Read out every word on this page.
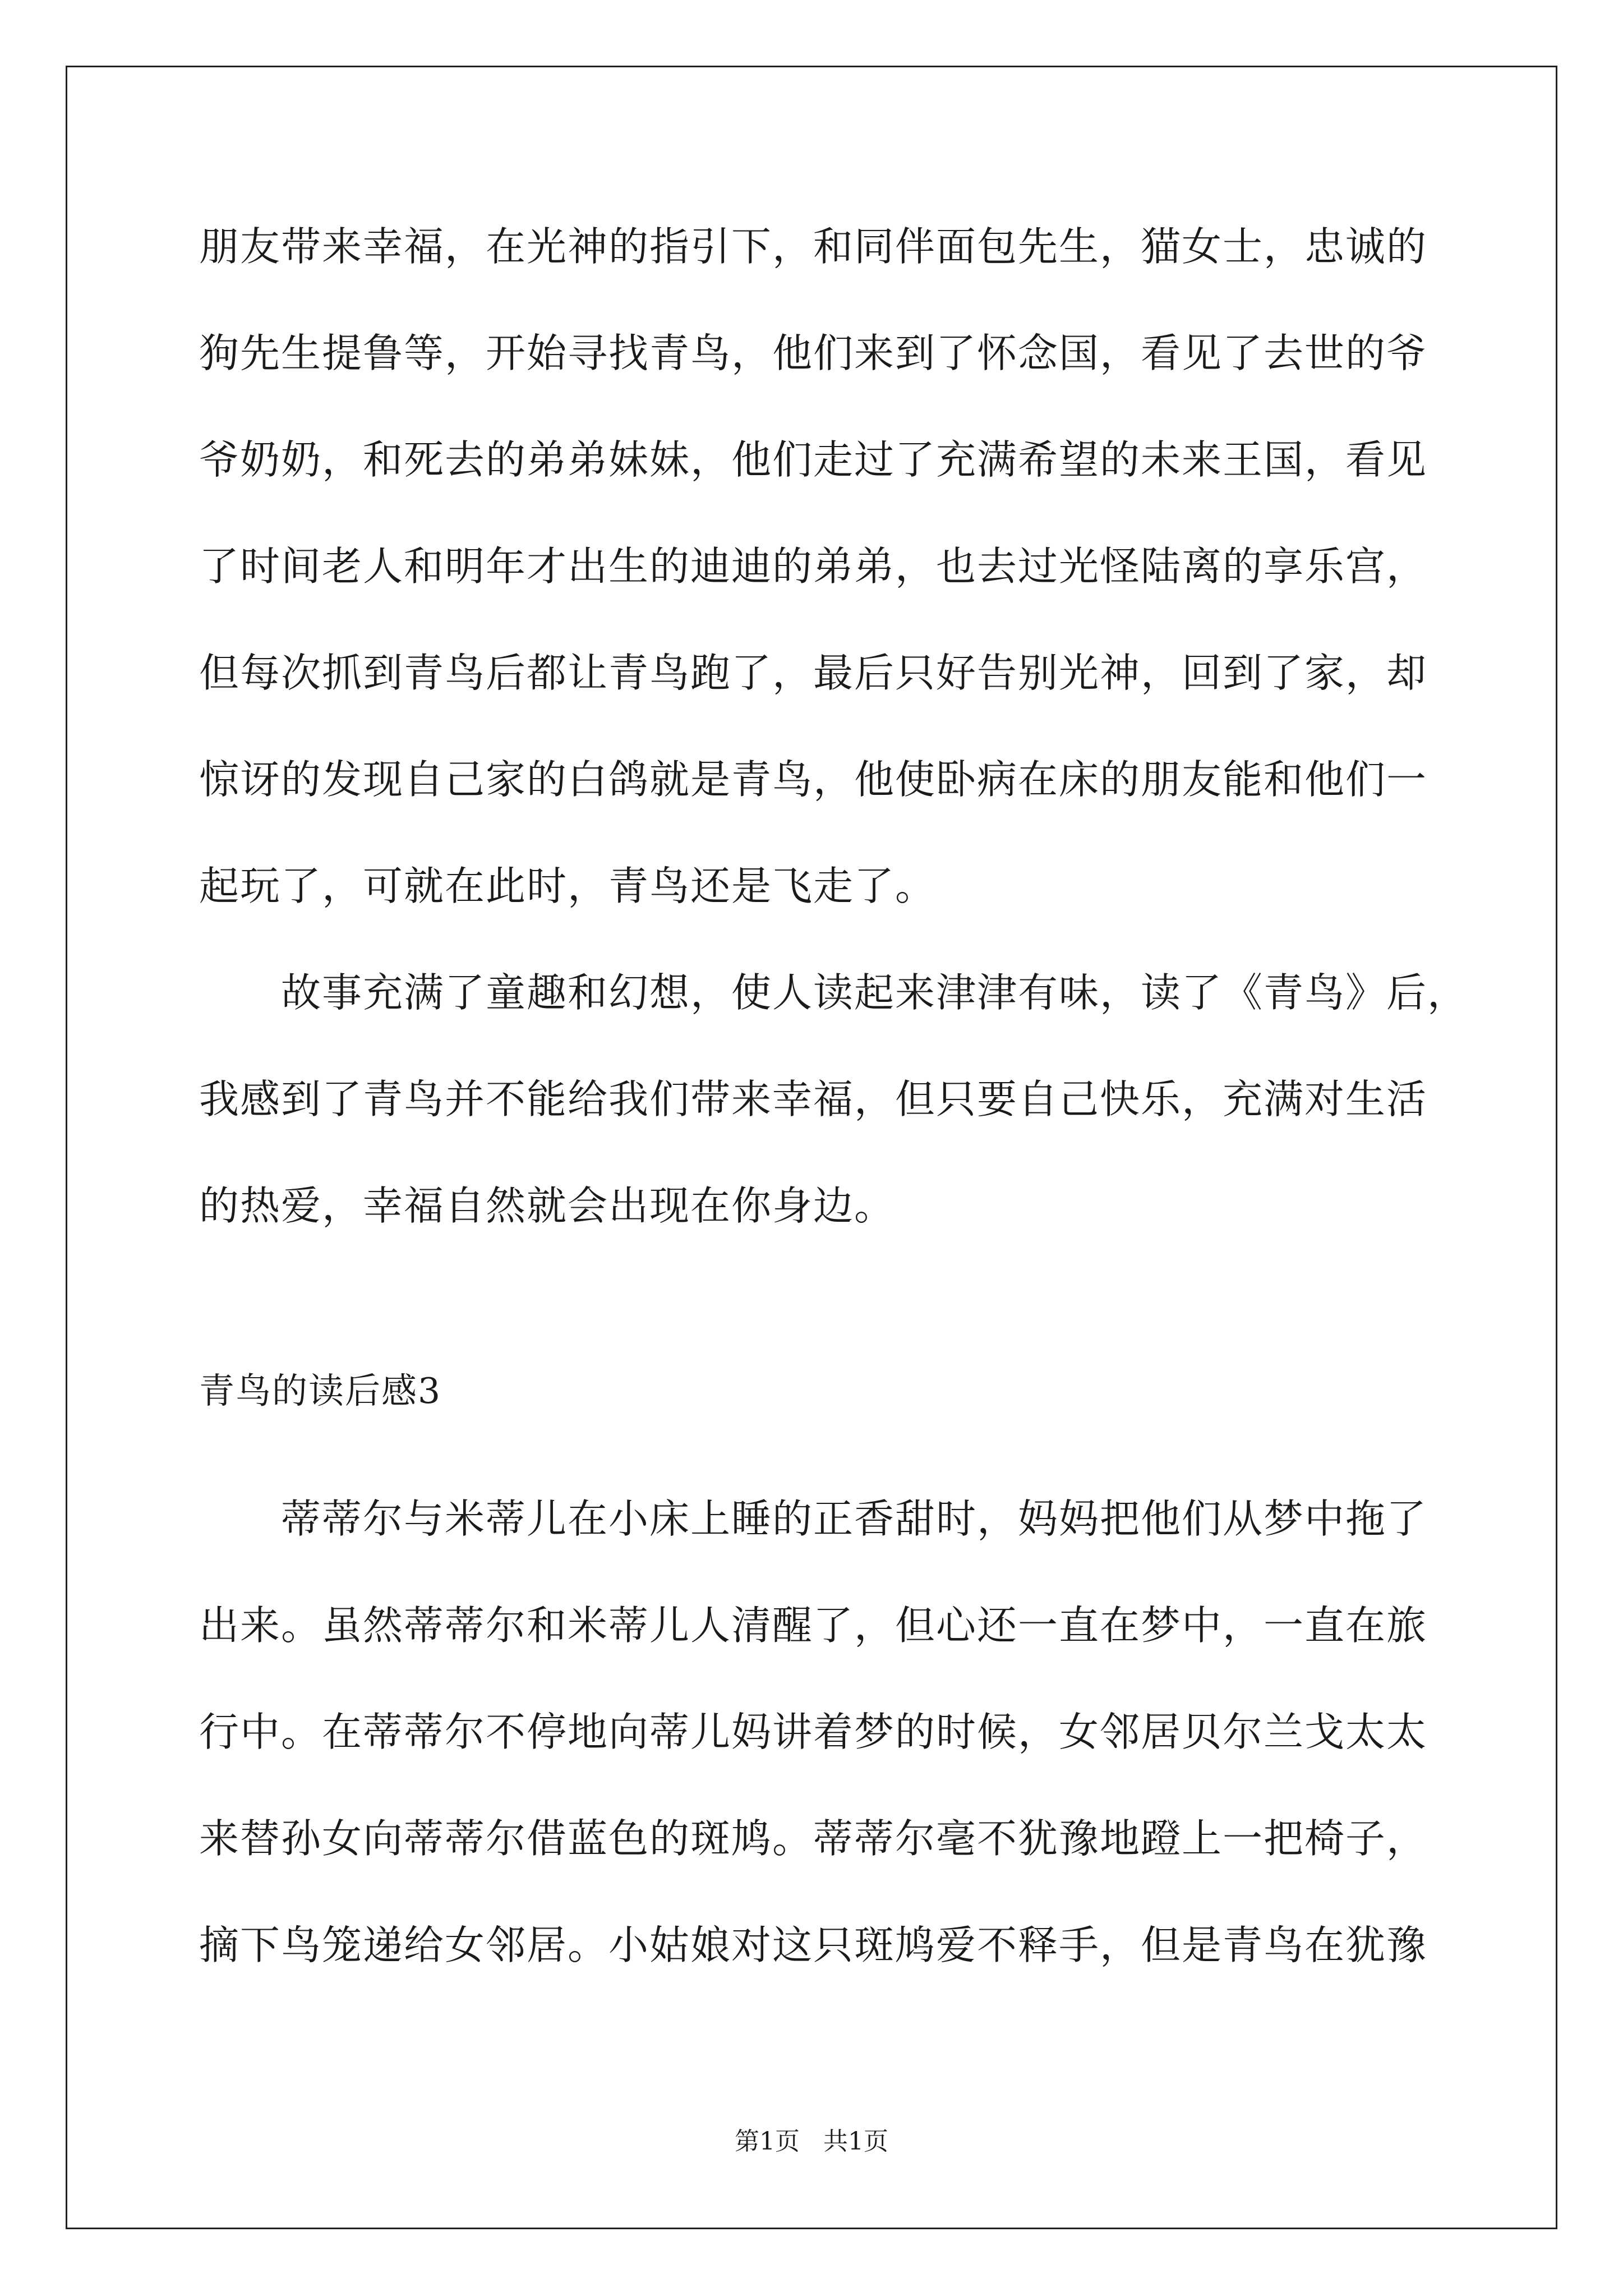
朋友带来幸福，在光神的指引下，和同伴面包先生，猫女士，忠诚的
狗先生提鲁等，开始寻找青鸟，他们来到了怀念国，看见了去世的爷
爷奶奶，和死去的弟弟妹妹，他们走过了充满希望的未来王国，看见
了时间老人和明年才出生的迪迪的弟弟，也去过光怪陆离的享乐宫，
但每次抓到青鸟后都让青鸟跑了，最后只好告别光神，回到了家，却
惊讶的发现自己家的白鸽就是青鸟，他使卧病在床的朋友能和他们一
起玩了，可就在此时，青鸟还是飞走了。
故事充满了童趣和幻想，使人读起来津津有味，读了《青鸟》后，
我感到了青鸟并不能给我们带来幸福，但只要自己快乐，充满对生活
的热爱，幸福自然就会出现在你身边。
青鸟的读后感3
蒂蒂尔与米蒂儿在小床上睡的正香甜时，妈妈把他们从梦中拖了
出来。虽然蒂蒂尔和米蒂儿人清醒了，但心还一直在梦中，一直在旅
行中。在蒂蒂尔不停地向蒂儿妈讲着梦的时候，女邻居贝尔兰戈太太
来替孙女向蒂蒂尔借蓝色的斑鸠。蒂蒂尔毫不犹豫地蹬上一把椅子，
摘下鸟笼递给女邻居。小姑娘对这只斑鸠爱不释手，但是青鸟在犹豫
第1页   共1页
